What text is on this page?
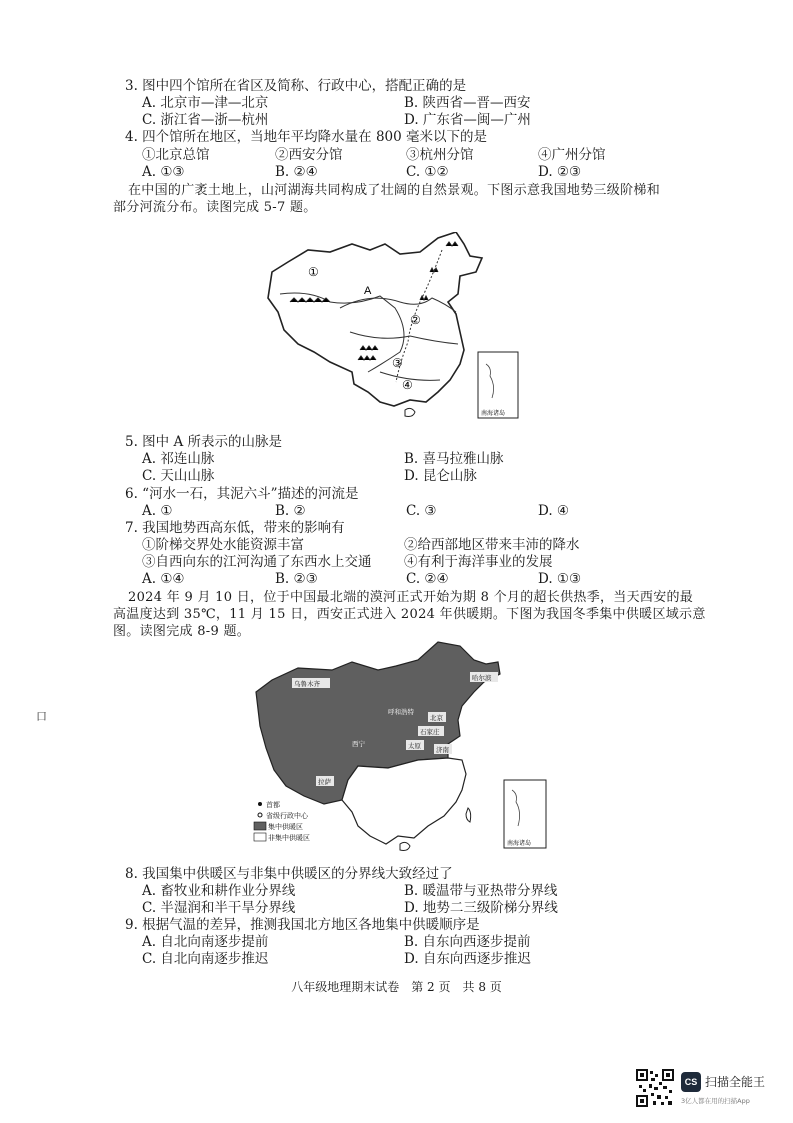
3. 图中四个馆所在省区及简称、行政中心，搭配正确的是
A. 北京市—津—北京	B. 陕西省—晋—西安
C. 浙江省—浙—杭州	D. 广东省—闽—广州
4. 四个馆所在地区，当地年平均降水量在 800 毫米以下的是
①北京总馆	②西安分馆	③杭州分馆	④广州分馆
A. ①③	B. ②④	C. ①②	D. ②③
在中国的广袤土地上，山河湖海共同构成了壮阔的自然景观。下图示意我国地势三级阶梯和
部分河流分布。读图完成 5-7 题。
①
A
②
③
④
南海诸岛
5. 图中 A 所表示的山脉是
A. 祁连山脉	B. 喜马拉雅山脉
C. 天山山脉	D. 昆仑山脉
6. “河水一石，其泥六斗”描述的河流是
A. ①	B. ②	C. ③	D. ④
7. 我国地势西高东低，带来的影响有
①阶梯交界处水能资源丰富	②给西部地区带来丰沛的降水
③自西向东的江河沟通了东西水上交通 ④有利于海洋事业的发展
A. ①④	B. ②③	C. ②④	D. ①③
2024 年 9 月 10 日，位于中国最北端的漠河正式开始为期 8 个月的超长供热季，当天西安的最
高温度达到 35℃，11 月 15 日，西安正式进入 2024 年供暖期。下图为我国冬季集中供暖区域示意
图。读图完成 8-9 题。
口
乌鲁木齐
哈尔滨
呼和浩特
北京
石家庄
西宁	太原
济南
拉萨
首都
省级行政中心
集中供暖区
非集中供暖区
南海诸岛
8. 我国集中供暖区与非集中供暖区的分界线大致经过了
A. 畜牧业和耕作业分界线	B. 暖温带与亚热带分界线
C. 半湿润和半干旱分界线	D. 地势二三级阶梯分界线
9. 根据气温的差异，推测我国北方地区各地集中供暖顺序是
A. 自北向南逐步提前	B. 自东向西逐步提前
C. 自北向南逐步推迟	D. 自东向西逐步推迟
八年级地理期末试卷　第 2 页　共 8 页
CS 扫描全能王
3亿人都在用的扫描App
